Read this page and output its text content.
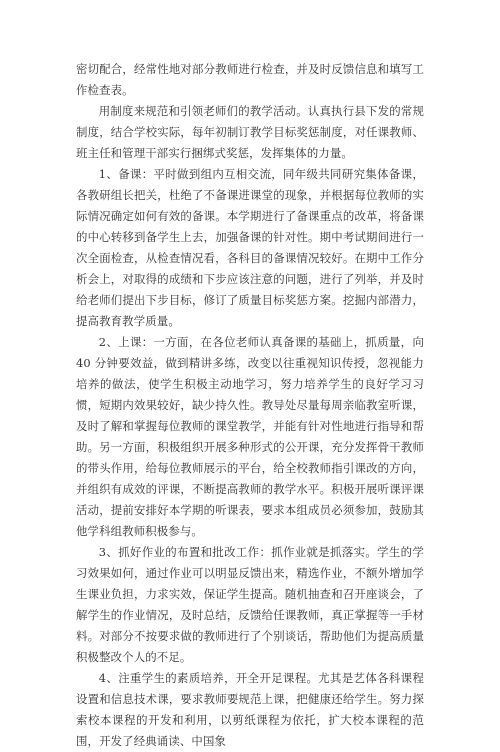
密切配合，经常性地对部分教师进行检查，并及时反馈信息和填写工作检查表。

用制度来规范和引领老师们的教学活动。认真执行县下发的常规制度，结合学校实际，每年初制订教学目标奖惩制度，对任课教师、班主任和管理干部实行捆绑式奖惩，发挥集体的力量。

1、备课：平时做到组内互相交流，同年级共同研究集体备课，各教研组长把关，杜绝了不备课进课堂的现象，并根据每位教师的实际情况确定如何有效的备课。本学期进行了备课重点的改革，将备课的中心转移到备学生上去，加强备课的针对性。期中考试期间进行一次全面检查，从检查情况看，各科目的备课情况较好。在期中工作分析会上，对取得的成绩和下步应该注意的问题，进行了列举，并及时给老师们提出下步目标，修订了质量目标奖惩方案。挖掘内部潜力，提高教育教学质量。

2、上课：一方面，在各位老师认真备课的基础上，抓质量，向 40 分钟要效益，做到精讲多练，改变以往重视知识传授，忽视能力培养的做法，使学生积极主动地学习，努力培养学生的良好学习习惯，短期内效果较好，缺少持久性。教导处尽量每周亲临教室听课，及时了解和掌握每位教师的课堂教学，并能有针对性地进行指导和帮助。另一方面，积极组织开展多种形式的公开课，充分发挥骨干教师的带头作用，给每位教师展示的平台，给全校教师指引课改的方向，并组织有成效的评课，不断提高教师的教学水平。积极开展听课评课活动，提前安排好本学期的听课表，要求本组成员必须参加，鼓励其他学科组教师积极参与。

3、抓好作业的布置和批改工作：抓作业就是抓落实。学生的学习效果如何，通过作业可以明显反馈出来，精选作业，不额外增加学生课业负担，力求实效，保证学生提高。随机抽查和召开座谈会，了解学生的作业情况，及时总结，反馈给任课教师，真正掌握等一手材料。对部分不按要求做的教师进行了个别谈话，帮助他们为提高质量积极整改个人的不足。

4、注重学生的素质培养，开全开足课程。尤其是艺体各科课程设置和信息技术课，要求教师要规范上课，把健康还给学生。努力探索校本课程的开发和利用，以剪纸课程为依托，扩大校本课程的范围，开发了经典诵读、中国象
